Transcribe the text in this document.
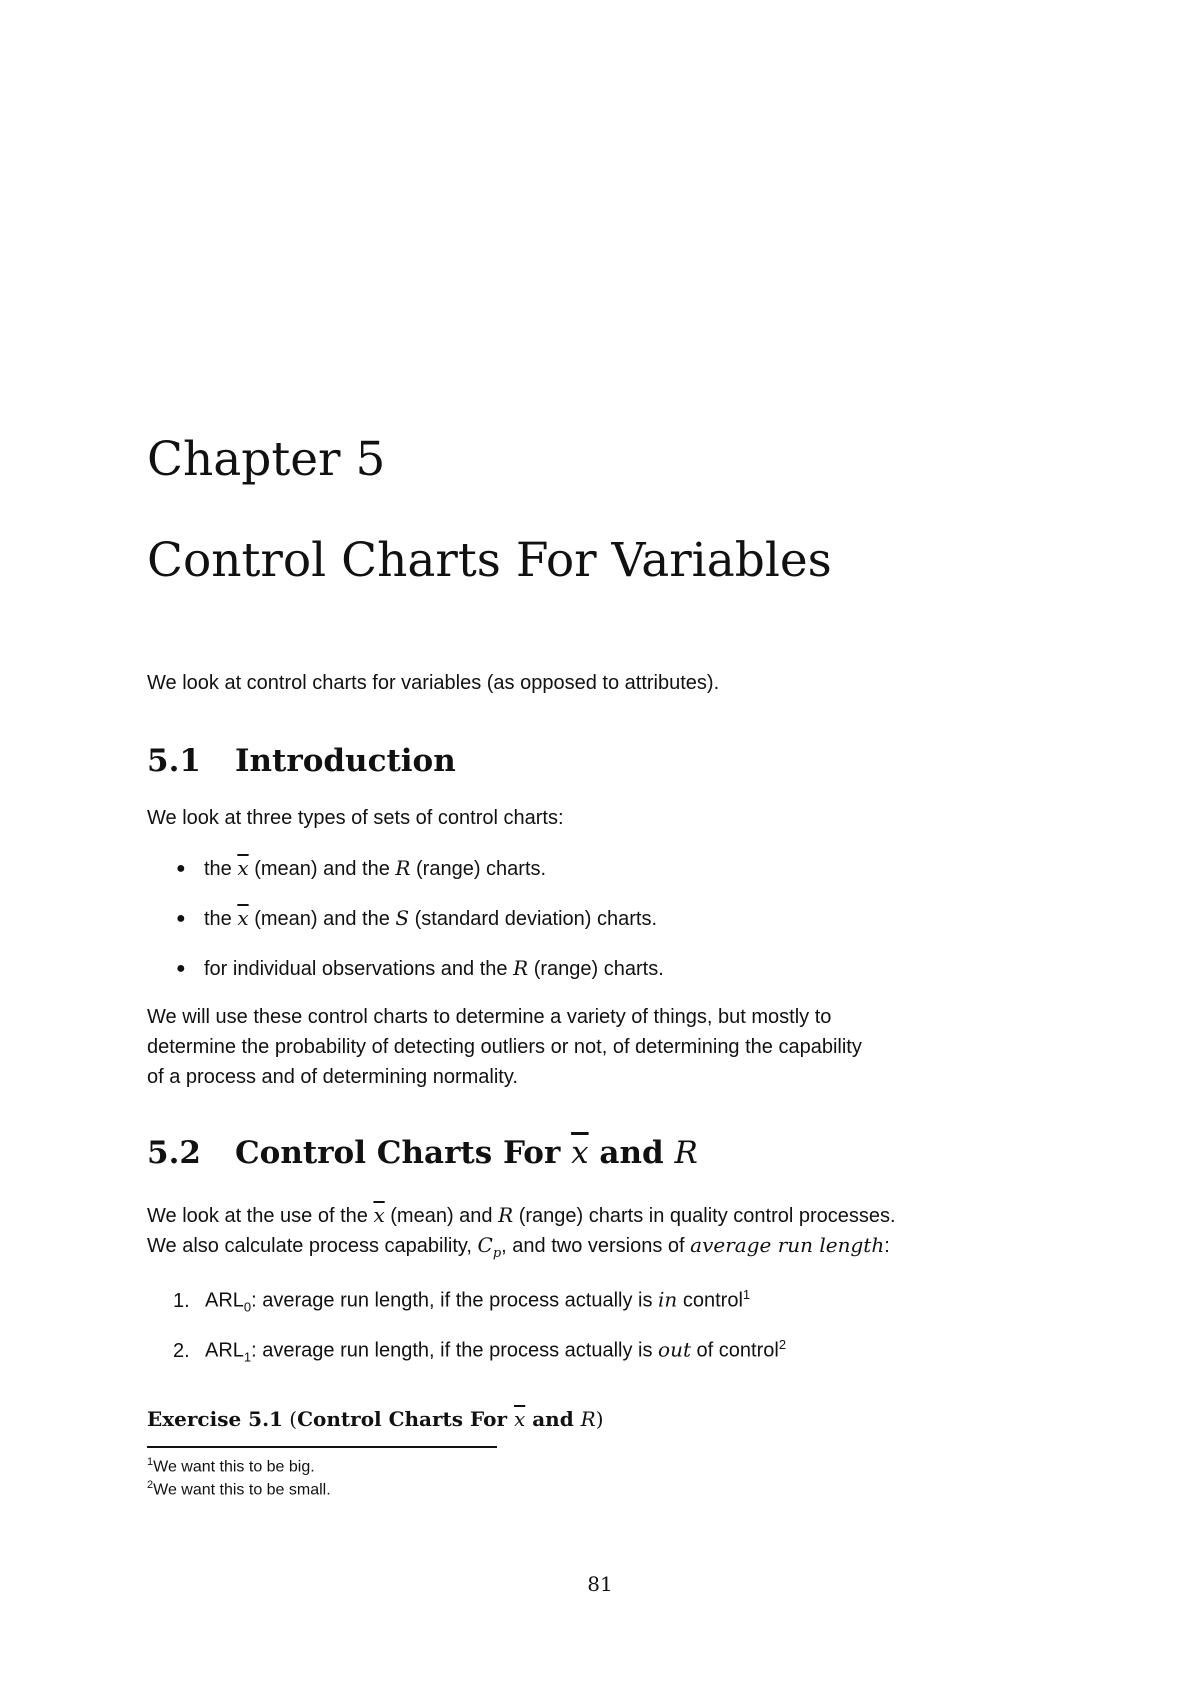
Chapter 5
Control Charts For Variables
We look at control charts for variables (as opposed to attributes).
5.1 Introduction
We look at three types of sets of control charts:
● the $\overline{x}$ (mean) and the R (range) charts.
● the $\overline{x}$ (mean) and the S (standard deviation) charts.
● for individual observations and the R (range) charts.
We will use these control charts to determine a variety of things, but mostly to
determine the probability of detecting outliers or not, of determining the capability
of a process and of determining normality.
5.2 Control Charts For $\overline{x}$ and R
We look at the use of the $\overline{x}$ (mean) and R (range) charts in quality control processes.
We also calculate process capability, $C_p$, and two versions of average run length:
1. $ARL_0$: average run length, if the process actually is in control$^1$
2. $ARL_1$: average run length, if the process actually is out of control$^2$
Exercise 5.1 (Control Charts For $\overline{x}$ and R)
$^1$We want this to be big.
$^2$We want this to be small.
81
